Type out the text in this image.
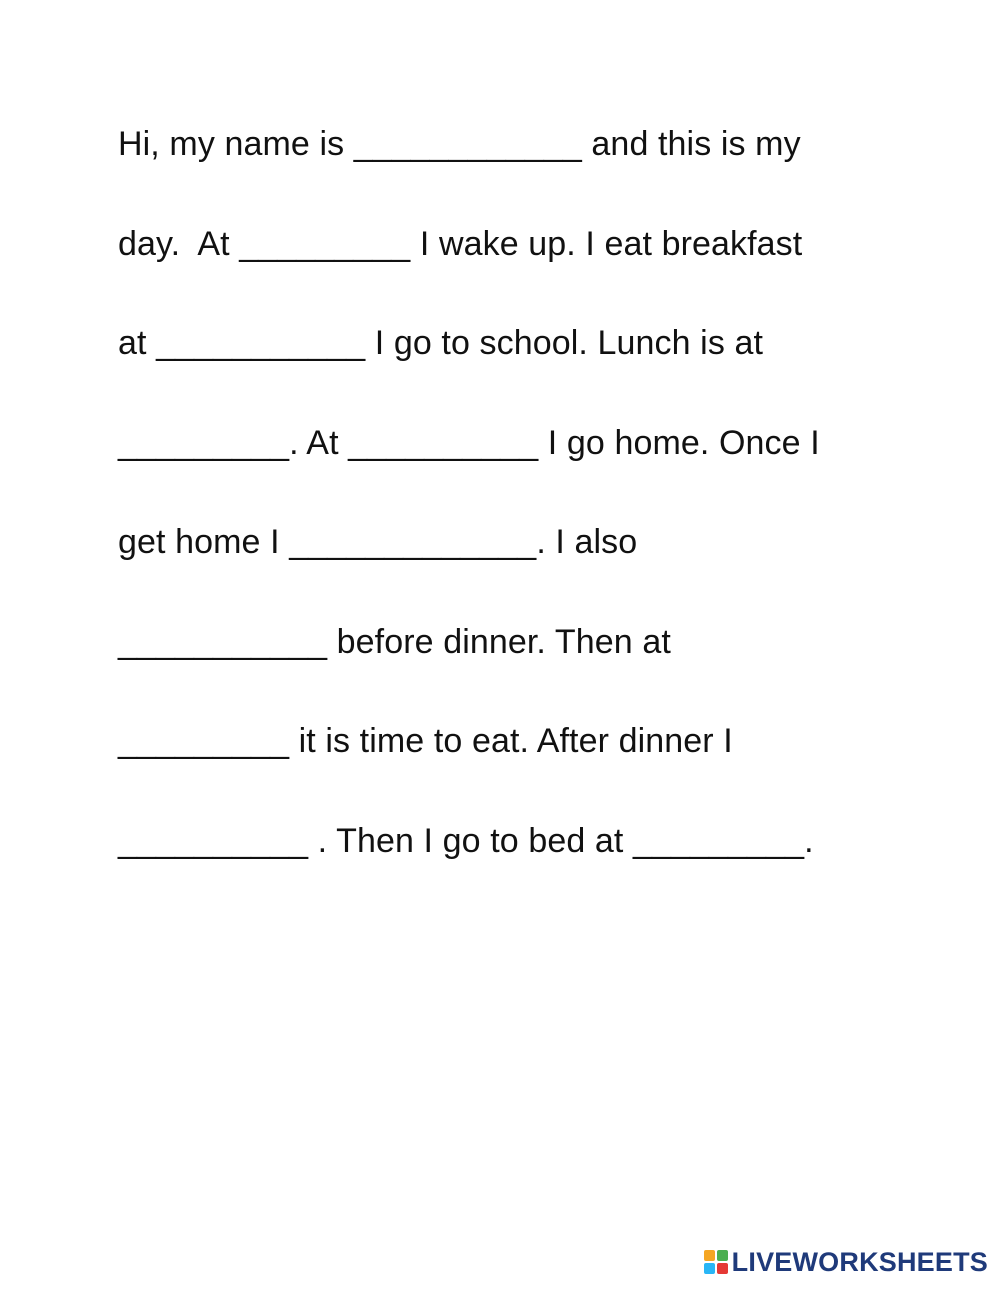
Hi, my name is ____________ and this is my
day.  At _________ I wake up. I eat breakfast
at ___________ I go to school. Lunch is at
_________. At __________ I go home. Once I
get home I _____________. I also
___________ before dinner. Then at
_________ it is time to eat. After dinner I
__________ . Then I go to bed at _________.
LIVEWORKSHEETS
